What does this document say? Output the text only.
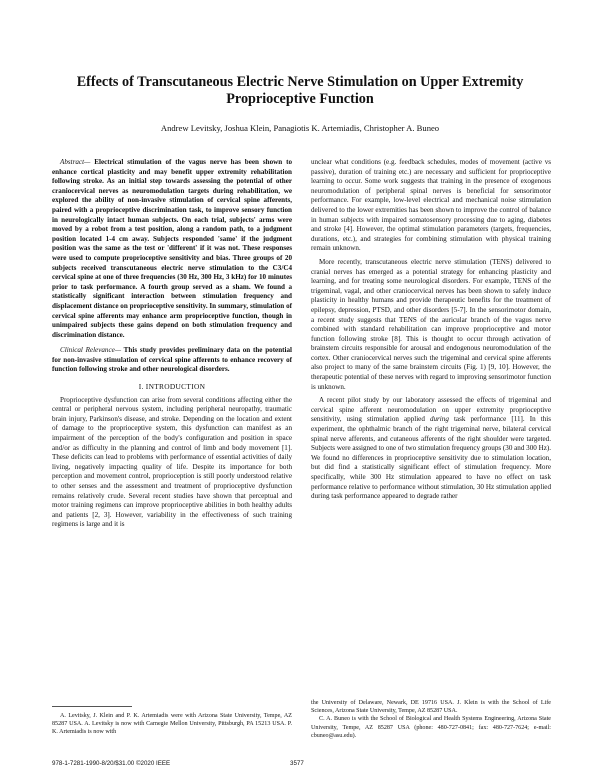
Effects of Transcutaneous Electric Nerve Stimulation on Upper Extremity Proprioceptive Function
Andrew Levitsky, Joshua Klein, Panagiotis K. Artemiadis, Christopher A. Buneo

Abstract— Electrical stimulation of the vagus nerve has been shown to enhance cortical plasticity and may benefit upper extremity rehabilitation following stroke. As an initial step towards assessing the potential of other craniocervical nerves as neuromodulation targets during rehabilitation, we explored the ability of non-invasive stimulation of cervical spine afferents, paired with a proprioceptive discrimination task, to improve sensory function in neurologically intact human subjects. On each trial, subjects' arms were moved by a robot from a test position, along a random path, to a judgment position located 1-4 cm away. Subjects responded 'same' if the judgment position was the same as the test or 'different' if it was not. These responses were used to compute proprioceptive sensitivity and bias. Three groups of 20 subjects received transcutaneous electric nerve stimulation to the C3/C4 cervical spine at one of three frequencies (30 Hz, 300 Hz, 3 kHz) for 10 minutes prior to task performance. A fourth group served as a sham. We found a statistically significant interaction between stimulation frequency and displacement distance on proprioceptive sensitivity. In summary, stimulation of cervical spine afferents may enhance arm proprioceptive function, though in unimpaired subjects these gains depend on both stimulation frequency and discrimination distance.

Clinical Relevance— This study provides preliminary data on the potential for non-invasive stimulation of cervical spine afferents to enhance recovery of function following stroke and other neurological disorders.

I. INTRODUCTION

Proprioceptive dysfunction can arise from several conditions affecting either the central or peripheral nervous system, including peripheral neuropathy, traumatic brain injury, Parkinson's disease, and stroke. Depending on the location and extent of damage to the proprioceptive system, this dysfunction can manifest as an impairment of the perception of the body's configuration and position in space and/or as difficulty in the planning and control of limb and body movement [1]. These deficits can lead to problems with performance of essential activities of daily living, negatively impacting quality of life. Despite its importance for both perception and movement control, proprioception is still poorly understood relative to other senses and the assessment and treatment of proprioceptive dysfunction remains relatively crude. Several recent studies have shown that perceptual and motor training regimens can improve proprioceptive abilities in both healthy adults and patients [2, 3]. However, variability in the effectiveness of such training regimens is large and it is

unclear what conditions (e.g. feedback schedules, modes of movement (active vs passive), duration of training etc.) are necessary and sufficient for proprioceptive learning to occur. Some work suggests that training in the presence of exogenous neuromodulation of peripheral spinal nerves is beneficial for sensorimotor performance. For example, low-level electrical and mechanical noise stimulation delivered to the lower extremities has been shown to improve the control of balance in human subjects with impaired somatosensory processing due to aging, diabetes and stroke [4]. However, the optimal stimulation parameters (targets, frequencies, durations, etc.), and strategies for combining stimulation with physical training remain unknown.

More recently, transcutaneous electric nerve stimulation (TENS) delivered to cranial nerves has emerged as a potential strategy for enhancing plasticity and learning, and for treating some neurological disorders. For example, TENS of the trigeminal, vagal, and other craniocervical nerves has been shown to safely induce plasticity in healthy humans and provide therapeutic benefits for the treatment of epilepsy, depression, PTSD, and other disorders [5-7]. In the sensorimotor domain, a recent study suggests that TENS of the auricular branch of the vagus nerve combined with standard rehabilitation can improve proprioceptive and motor function following stroke [8]. This is thought to occur through activation of brainstem circuits responsible for arousal and endogenous neuromodulation of the cortex. Other craniocervical nerves such the trigeminal and cervical spine afferents also project to many of the same brainstem circuits (Fig. 1) [9, 10]. However, the therapeutic potential of these nerves with regard to improving sensorimotor function is unknown.

A recent pilot study by our laboratory assessed the effects of trigeminal and cervical spine afferent neuromodulation on upper extremity proprioceptive sensitivity, using stimulation applied during task performance [11]. In this experiment, the ophthalmic branch of the right trigeminal nerve, bilateral cervical spinal nerve afferents, and cutaneous afferents of the right shoulder were targeted. Subjects were assigned to one of two stimulation frequency groups (30 and 300 Hz). We found no differences in proprioceptive sensitivity due to stimulation location, but did find a statistically significant effect of stimulation frequency. More specifically, while 300 Hz stimulation appeared to have no effect on task performance relative to performance without stimulation, 30 Hz stimulation applied during task performance appeared to degrade rather

A. Levitsky, J. Klein and P. K. Artemiadis were with Arizona State University, Tempe, AZ 85287 USA. A. Levitsky is now with Carnegie Mellon University, Pittsburgh, PA 15213 USA. P. K. Artemiadis is now with

the University of Delaware, Newark, DE 19716 USA. J. Klein is with the School of Life Sciences, Arizona State University, Tempe, AZ 85287 USA.

C. A. Buneo is with the School of Biological and Health Systems Engineering, Arizona State University, Tempe, AZ 85287 USA (phone: 480-727-0841; fax: 480-727-7624; e-mail: cbuneo@asu.edu).

978-1-7281-1990-8/20/$31.00 ©2020 IEEE	3577
